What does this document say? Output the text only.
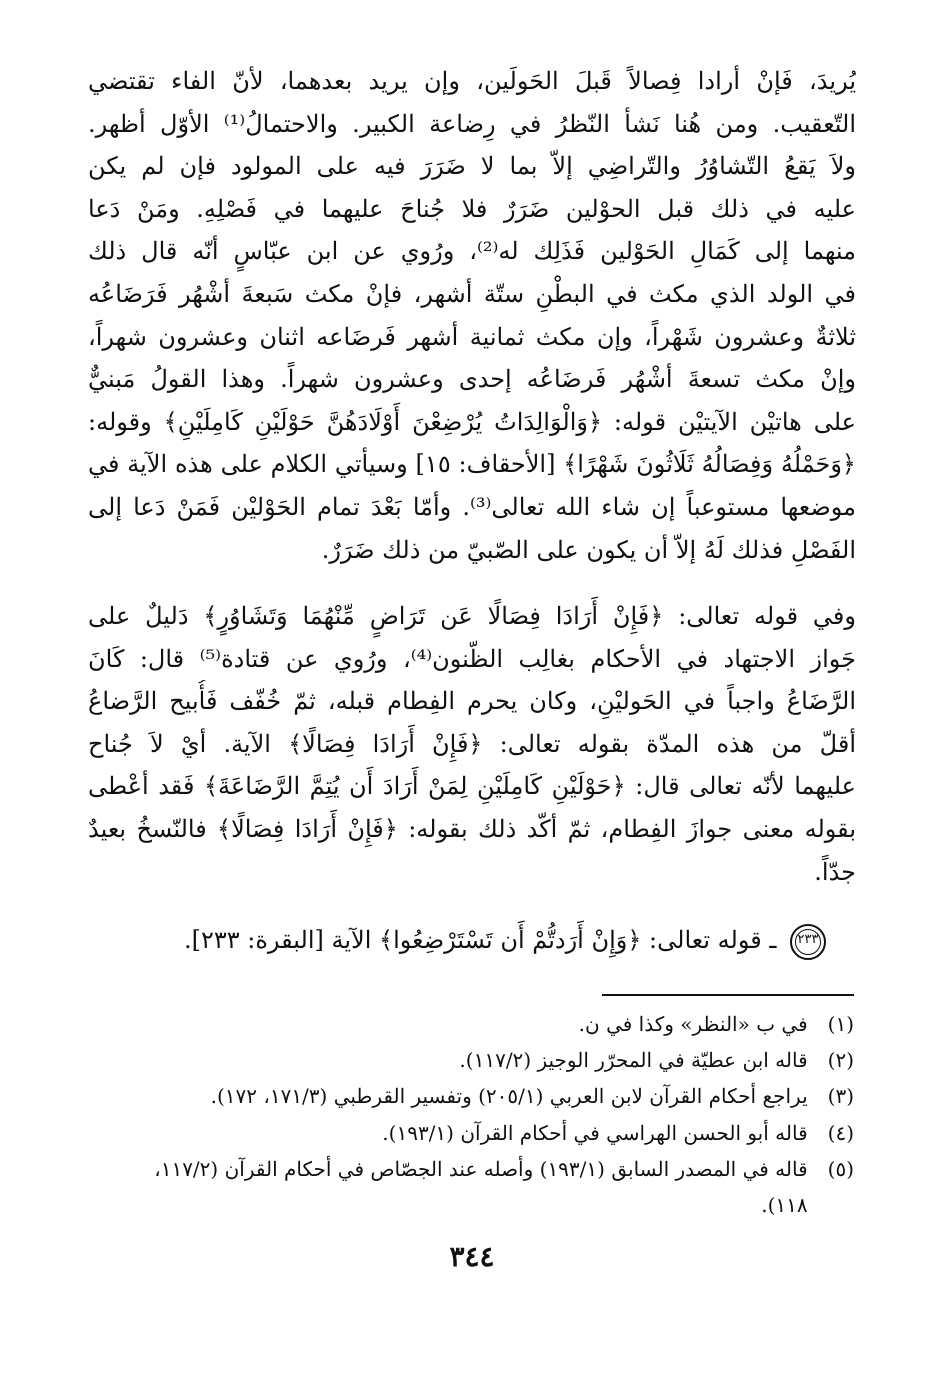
يُريدَ، فَإنْ أرادا فِصالاً قَبلَ الحَولَين، وإن يريد بعدهما، لأنّ الفاء تقتضي
التّعقيب. ومن هُنا نَشأ النّظرُ في رِضاعة الكبير. والاحتمالُ⁽¹⁾ الأوّل أظهر.
ولاَ يَقعُ التّشاوُرُ والتّراضِي إلاّ بما لا ضَرَرَ فيه على المولود فإن لم يكن
عليه في ذلك قبل الحوْلين ضَرَرٌ فلا جُناحَ عليهما في فَصْلِهِ. ومَنْ دَعا
منهما إلى كَمَالِ الحَوْلين فَذَلِك له⁽²⁾، ورُوي عن ابن عبّاسٍ أنّه قال ذلك
في الولد الذي مكث في البطْنِ ستّة أشهر، فإنْ مكث سَبعةَ أشْهُر فَرَضَاعُه
ثلاثةٌ وعشرون شَهْراً، وإن مكث ثمانية أشهر فَرضَاعه اثنان وعشرون شهراً،
وإنْ مكث تسعةَ أشْهُر فَرضَاعُه إحدى وعشرون شهراً. وهذا القولُ مَبنيٌّ
على هاتيْن الآيتيْن قوله: ﴿وَالْوَالِدَاتُ يُرْضِعْنَ أَوْلَادَهُنَّ حَوْلَيْنِ كَامِلَيْنِ﴾ وقوله:
﴿وَحَمْلُهُ وَفِصَالُهُ ثَلَاثُونَ شَهْرًا﴾ [الأحقاف: ١٥] وسيأتي الكلام على هذه الآية في
موضعها مستوعباً إن شاء الله تعالى⁽³⁾. وأمّا بَعْدَ تمام الحَوْليْن فَمَنْ دَعا إلى
الفَصْلِ فذلك لَهُ إلاّ أن يكون على الصّبيّ من ذلك ضَرَرٌ.
وفي قوله تعالى: ﴿فَإِنْ أَرَادَا فِصَالًا عَن تَرَاضٍ مِّنْهُمَا وَتَشَاوُرٍ﴾ دَليلٌ على
جَواز الاجتهاد في الأحكام بغالِب الظّنون⁽⁴⁾، ورُوي عن قتادة⁽⁵⁾ قال: كَانَ
الرَّضَاعُ واجباً في الحَوليْنِ، وكان يحرم الفِطام قبله، ثمّ خُفّف فَأُبيح الرَّضاعُ
أقلّ من هذه المدّة بقوله تعالى: ﴿فَإِنْ أَرَادَا فِصَالًا﴾ الآية. أيْ لاَ جُناح
عليهما لأنّه تعالى قال: ﴿حَوْلَيْنِ كَامِلَيْنِ لِمَنْ أَرَادَ أَن يُتِمَّ الرَّضَاعَةَ﴾ فَقد أعْطى
بقوله معنى جوازَ الفِطام، ثمّ أكّد ذلك بقوله: ﴿فَإِنْ أَرَادَا فِصَالًا﴾ فالنّسخُ بعيدٌ
جدّاً.
٢٣٣ ـ قوله تعالى: ﴿وَإِنْ أَرَدتُّمْ أَن تَسْتَرْضِعُوا﴾ الآية [البقرة: ٢٣٣].
(١) في ب «النظر» وكذا في ن.
(٢) قاله ابن عطيّة في المحرّر الوجيز (١١٧/٢).
(٣) يراجع أحكام القرآن لابن العربي (٢٠٥/١) وتفسير القرطبي (١٧١/٣، ١٧٢).
(٤) قاله أبو الحسن الهراسي في أحكام القرآن (١٩٣/١).
(٥) قاله في المصدر السابق (١٩٣/١) وأصله عند الجصّاص في أحكام القرآن (١١٧/٢،
١١٨).
٣٤٤
